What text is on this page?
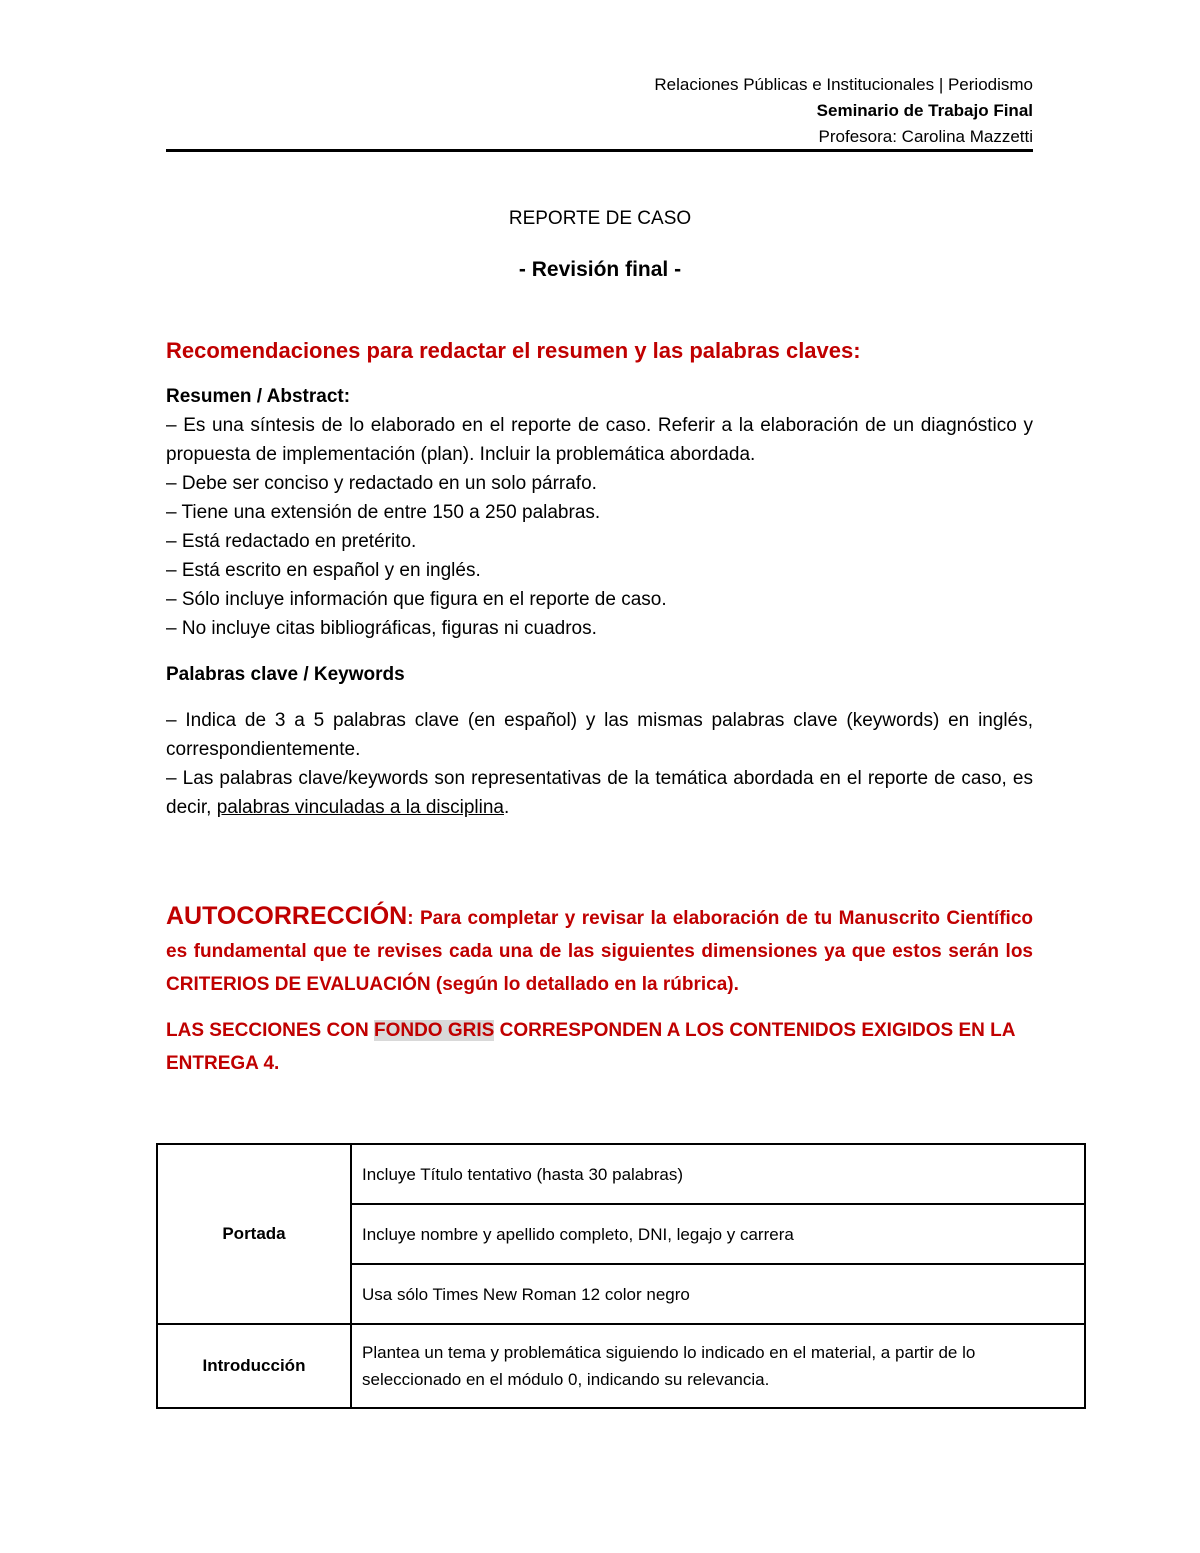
Relaciones Públicas e Institucionales | Periodismo
Seminario de Trabajo Final
Profesora: Carolina Mazzetti
REPORTE DE CASO
- Revisión final -
Recomendaciones para redactar el resumen y las palabras claves:

Resumen / Abstract:

– Es una síntesis de lo elaborado en el reporte de caso. Referir a la elaboración de un diagnóstico y propuesta de implementación (plan). Incluir la problemática abordada.

– Debe ser conciso y redactado en un solo párrafo.

– Tiene una extensión de entre 150 a 250 palabras.

– Está redactado en pretérito.

– Está escrito en español y en inglés.

– Sólo incluye información que figura en el reporte de caso.

– No incluye citas bibliográficas, figuras ni cuadros.

Palabras clave / Keywords

– Indica de 3 a 5 palabras clave (en español) y las mismas palabras clave (keywords) en inglés, correspondientemente.

– Las palabras clave/keywords son representativas de la temática abordada en el reporte de caso, es decir, palabras vinculadas a la disciplina.

AUTOCORRECCIÓN: Para completar y revisar la elaboración de tu Manuscrito Científico es fundamental que te revises cada una de las siguientes dimensiones ya que estos serán los CRITERIOS DE EVALUACIÓN (según lo detallado en la rúbrica).
LAS SECCIONES CON FONDO GRIS CORRESPONDEN A LOS CONTENIDOS EXIGIDOS EN LA ENTREGA 4.
Portada	Incluye Título tentativo (hasta 30 palabras)
	Incluye nombre y apellido completo, DNI, legajo y carrera
	Usa sólo Times New Roman 12 color negro
Introducción	Plantea un tema y problemática siguiendo lo indicado en el material, a partir de lo seleccionado en el módulo 0, indicando su relevancia.
